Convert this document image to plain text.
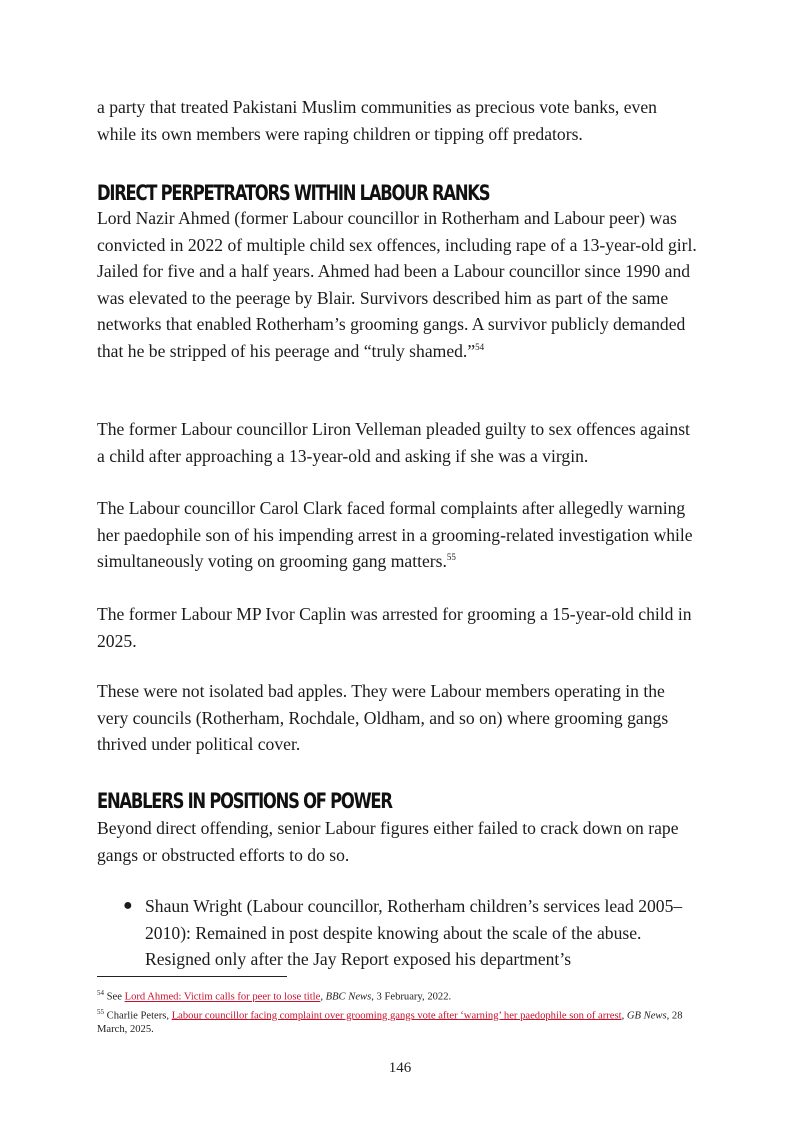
a party that treated Pakistani Muslim communities as precious vote banks, even while its own members were raping children or tipping off predators.

DIRECT PERPETRATORS WITHIN LABOUR RANKS

Lord Nazir Ahmed (former Labour councillor in Rotherham and Labour peer) was convicted in 2022 of multiple child sex offences, including rape of a 13-year-old girl. Jailed for five and a half years. Ahmed had been a Labour councillor since 1990 and was elevated to the peerage by Blair. Survivors described him as part of the same networks that enabled Rotherham’s grooming gangs. A survivor publicly demanded that he be stripped of his peerage and “truly shamed.”$^{54}$

The former Labour councillor Liron Velleman pleaded guilty to sex offences against a child after approaching a 13-year-old and asking if she was a virgin.

The Labour councillor Carol Clark faced formal complaints after allegedly warning her paedophile son of his impending arrest in a grooming-related investigation while simultaneously voting on grooming gang matters.$^{55}$

The former Labour MP Ivor Caplin was arrested for grooming a 15-year-old child in 2025.

These were not isolated bad apples. They were Labour members operating in the very councils (Rotherham, Rochdale, Oldham, and so on) where grooming gangs thrived under political cover.

ENABLERS IN POSITIONS OF POWER

Beyond direct offending, senior Labour figures either failed to crack down on rape gangs or obstructed efforts to do so.

● Shaun Wright (Labour councillor, Rotherham children’s services lead 2005–2010): Remained in post despite knowing about the scale of the abuse. Resigned only after the Jay Report exposed his department’s

$^{54}$ See Lord Ahmed: Victim calls for peer to lose title, BBC News, 3 February, 2022.

$^{55}$ Charlie Peters, Labour councillor facing complaint over grooming gangs vote after ‘warning’ her paedophile son of arrest, GB News, 28 March, 2025.

146
